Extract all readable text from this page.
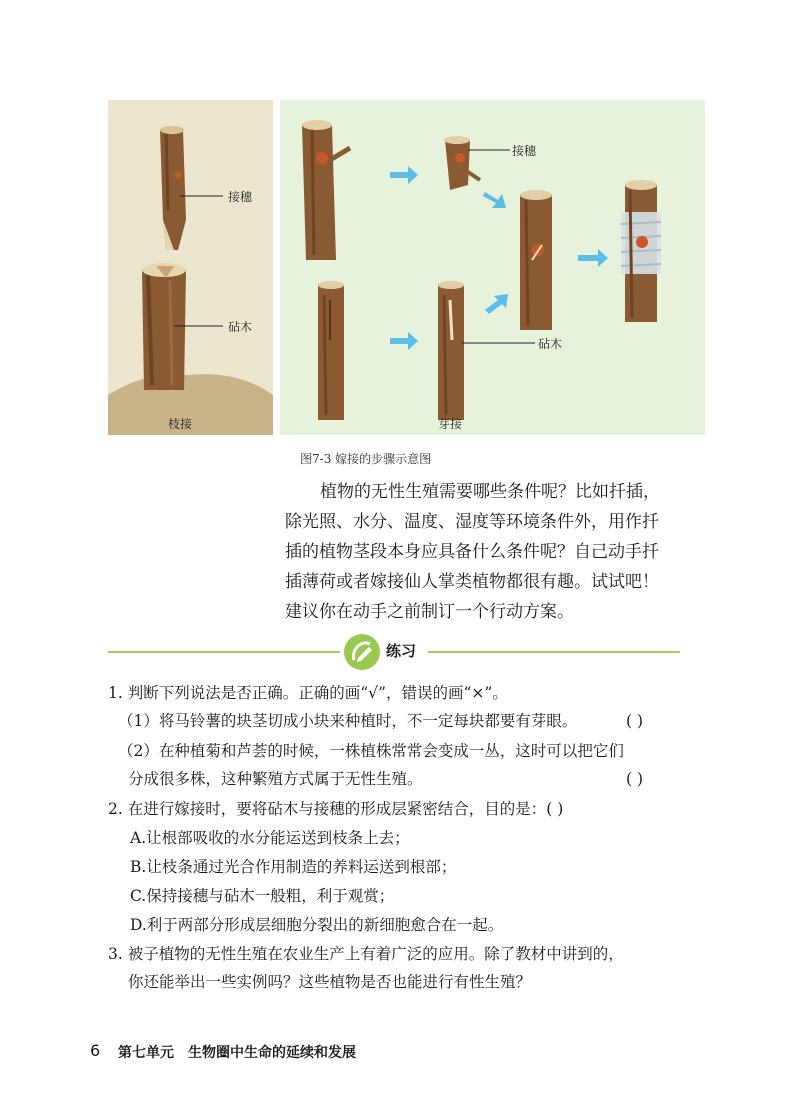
接穗
砧木
枝接
接穗
砧木
芽接
图7-3 嫁接的步骤示意图
植物的无性生殖需要哪些条件呢？比如扦插，
除光照、水分、温度、湿度等环境条件外，用作扦
插的植物茎段本身应具备什么条件呢？自己动手扦
插薄荷或者嫁接仙人掌类植物都很有趣。试试吧！
建议你在动手之前制订一个行动方案。
练习
1. 判断下列说法是否正确。正确的画“√”，错误的画“×”。
（1）将马铃薯的块茎切成小块来种植时，不一定每块都要有芽眼。	( )
（2）在种植菊和芦荟的时候，一株植株常常会变成一丛，这时可以把它们
分成很多株，这种繁殖方式属于无性生殖。	( )
2. 在进行嫁接时，要将砧木与接穗的形成层紧密结合，目的是：( )
A.让根部吸收的水分能运送到枝条上去；
B.让枝条通过光合作用制造的养料运送到根部；
C.保持接穗与砧木一般粗，利于观赏；
D.利于两部分形成层细胞分裂出的新细胞愈合在一起。
3. 被子植物的无性生殖在农业生产上有着广泛的应用。除了教材中讲到的，
你还能举出一些实例吗？这些植物是否也能进行有性生殖？
6 第七单元 生物圈中生命的延续和发展
